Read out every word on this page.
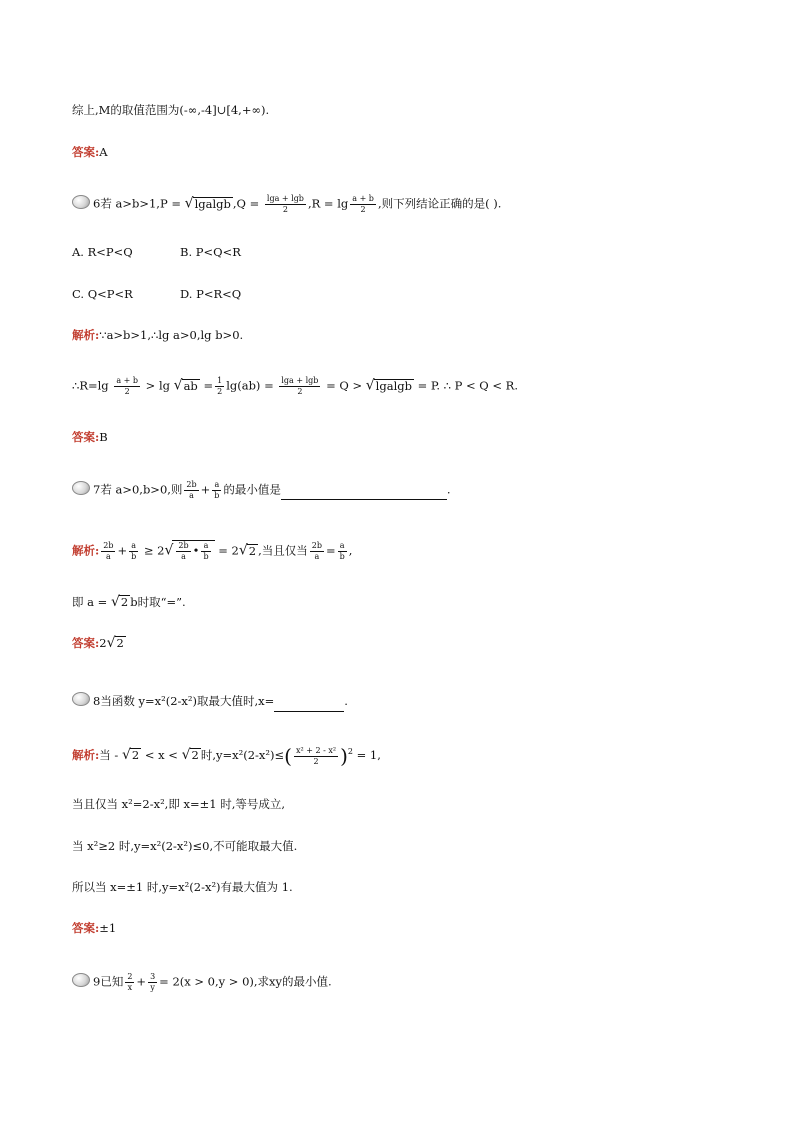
综上,M的取值范围为(-∞,-4]∪[4,+∞).
答案:A
6若 a>b>1,P = √lgalgb $,Q = \frac{\lg a + \lg b}{2} ,R = \lg \frac{a + b}{2}$ ,则下列结论正确的是( ).
A. R<P<Q	B. P<Q<R
C. Q<P<R	D. P<R<Q
解析:∵a>b>1,∴lg a>0,lg b>0.
∴R=lg $\frac{a + b}{2} > \lg √ab = \frac{1}{2} \lg(ab) = \frac{\lg a + \lg b}{2} = Q > √lgalgb = P$. ∴ P < Q < R.
答案:B
7若 a>0,b>0,则 $\frac{2b}{a} + \frac{a}{b}$ 的最小值是	.
解析: $\frac{2b}{a} + \frac{a}{b} \ge 2√ \frac{2b}{a}$ • $\frac{a}{b} = 2√2$ ,当且仅当 $\frac{2b}{a} = \frac{a}{b}$ ,
即 a = √2 b时取“=”.
答案:2√2
8当函数 y=x²(2-x²)取最大值时,x=	.
解析:当 - √2 < x < √2 时$,y=x^2(2-x^2)\le( \frac{\text{x² + 2 - x²}}{2} )^2 = 1$,
当且仅当 x²=2-x²,即 x=±1 时,等号成立,
当 x²≥2 时,y=x²(2-x²)≤0,不可能取最大值.
所以当 x=±1 时,y=x²(2-x²)有最大值为 1.
答案:±1
9已知 $\frac{2}{x} + \frac{3}{y} = 2(x > 0,y > 0)$,求xy的最小值.
